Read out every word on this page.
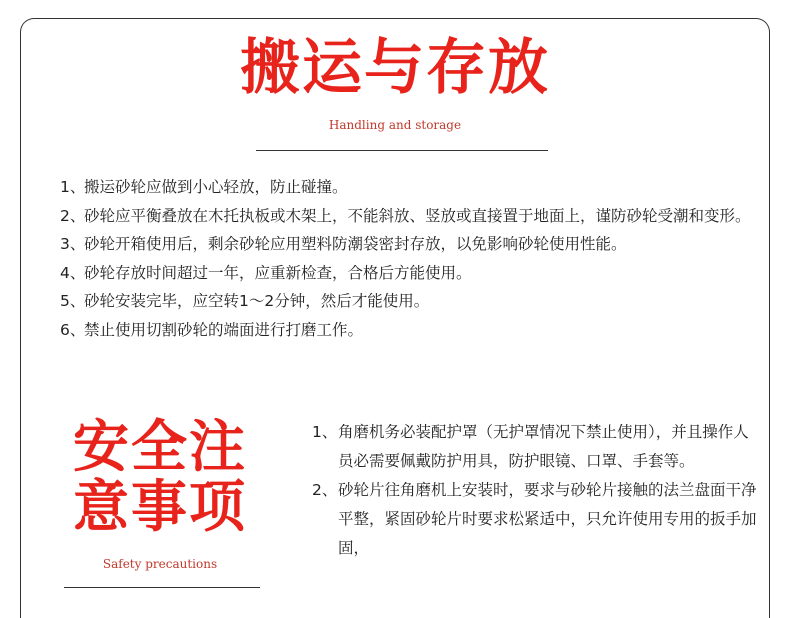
搬运与存放
Handling and storage
1、
搬运砂轮应做到小心轻放，防止碰撞。
2、
砂轮应平衡叠放在木托执板或木架上，不能斜放、竖放或直接置于地面上，谨防砂轮受潮和变形。
3、
砂轮开箱使用后，剩余砂轮应用塑料防潮袋密封存放，以免影响砂轮使用性能。
4、
砂轮存放时间超过一年，应重新检查，合格后方能使用。
5、
砂轮安装完毕，应空转1～2分钟，然后才能使用。
6、
禁止使用切割砂轮的端面进行打磨工作。
安全注
意事项
Safety precautions
1、 角磨机务必装配护罩（无护罩情况下禁止使用），并且操作人员必需要佩戴防护用具，防护眼镜、口罩、手套等。
2、 砂轮片往角磨机上安装时，要求与砂轮片接触的法兰盘面干净平整，紧固砂轮片时要求松紧适中，只允许使用专用的扳手加固，
